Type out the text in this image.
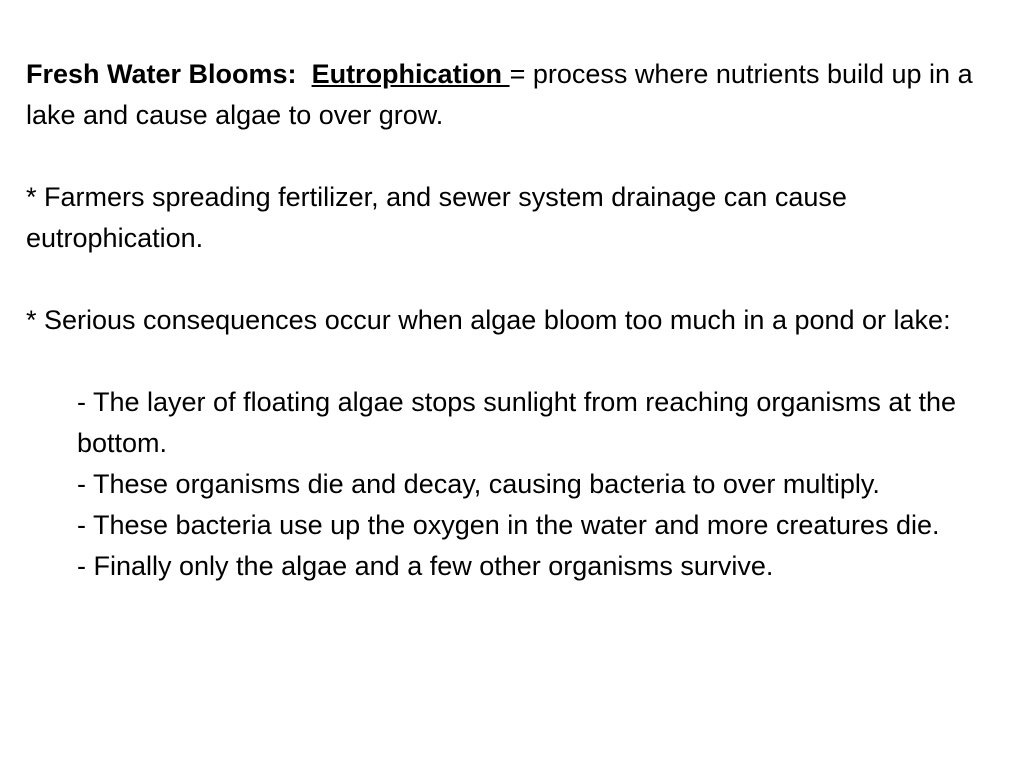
Fresh Water Blooms: Eutrophication = process where nutrients build up in a lake and cause algae to over grow.

* Farmers spreading fertilizer, and sewer system drainage can cause eutrophication.

* Serious consequences occur when algae bloom too much in a pond or lake:

- The layer of floating algae stops sunlight from reaching organisms at the bottom.
- These organisms die and decay, causing bacteria to over multiply.
- These bacteria use up the oxygen in the water and more creatures die.
- Finally only the algae and a few other organisms survive.
